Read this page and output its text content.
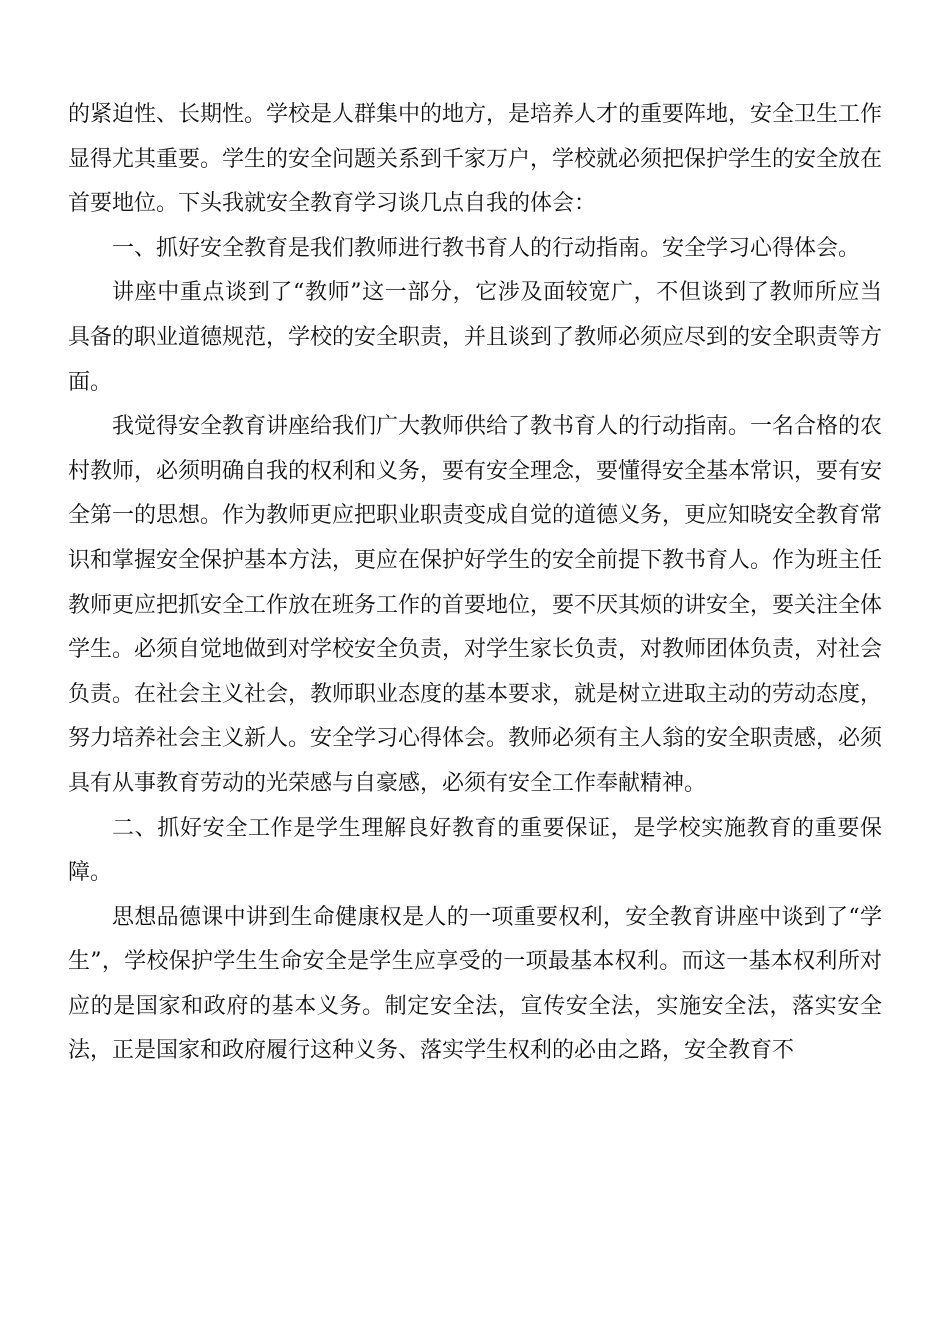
的紧迫性、长期性。学校是人群集中的地方，是培养人才的重要阵地，安全卫生工作显得尤其重要。学生的安全问题关系到千家万户，学校就必须把保护学生的安全放在首要地位。下头我就安全教育学习谈几点自我的体会：

一、抓好安全教育是我们教师进行教书育人的行动指南。安全学习心得体会。

讲座中重点谈到了“教师”这一部分，它涉及面较宽广，不但谈到了教师所应当具备的职业道德规范，学校的安全职责，并且谈到了教师必须应尽到的安全职责等方面。

我觉得安全教育讲座给我们广大教师供给了教书育人的行动指南。一名合格的农村教师，必须明确自我的权利和义务，要有安全理念，要懂得安全基本常识，要有安全第一的思想。作为教师更应把职业职责变成自觉的道德义务，更应知晓安全教育常识和掌握安全保护基本方法，更应在保护好学生的安全前提下教书育人。作为班主任教师更应把抓安全工作放在班务工作的首要地位，要不厌其烦的讲安全，要关注全体学生。必须自觉地做到对学校安全负责，对学生家长负责，对教师团体负责，对社会负责。在社会主义社会，教师职业态度的基本要求，就是树立进取主动的劳动态度，努力培养社会主义新人。安全学习心得体会。教师必须有主人翁的安全职责感，必须具有从事教育劳动的光荣感与自豪感，必须有安全工作奉献精神。

二、抓好安全工作是学生理解良好教育的重要保证，是学校实施教育的重要保障。

思想品德课中讲到生命健康权是人的一项重要权利，安全教育讲座中谈到了“学生”，学校保护学生生命安全是学生应享受的一项最基本权利。而这一基本权利所对应的是国家和政府的基本义务。制定安全法，宣传安全法，实施安全法，落实安全法，正是国家和政府履行这种义务、落实学生权利的必由之路，安全教育不
